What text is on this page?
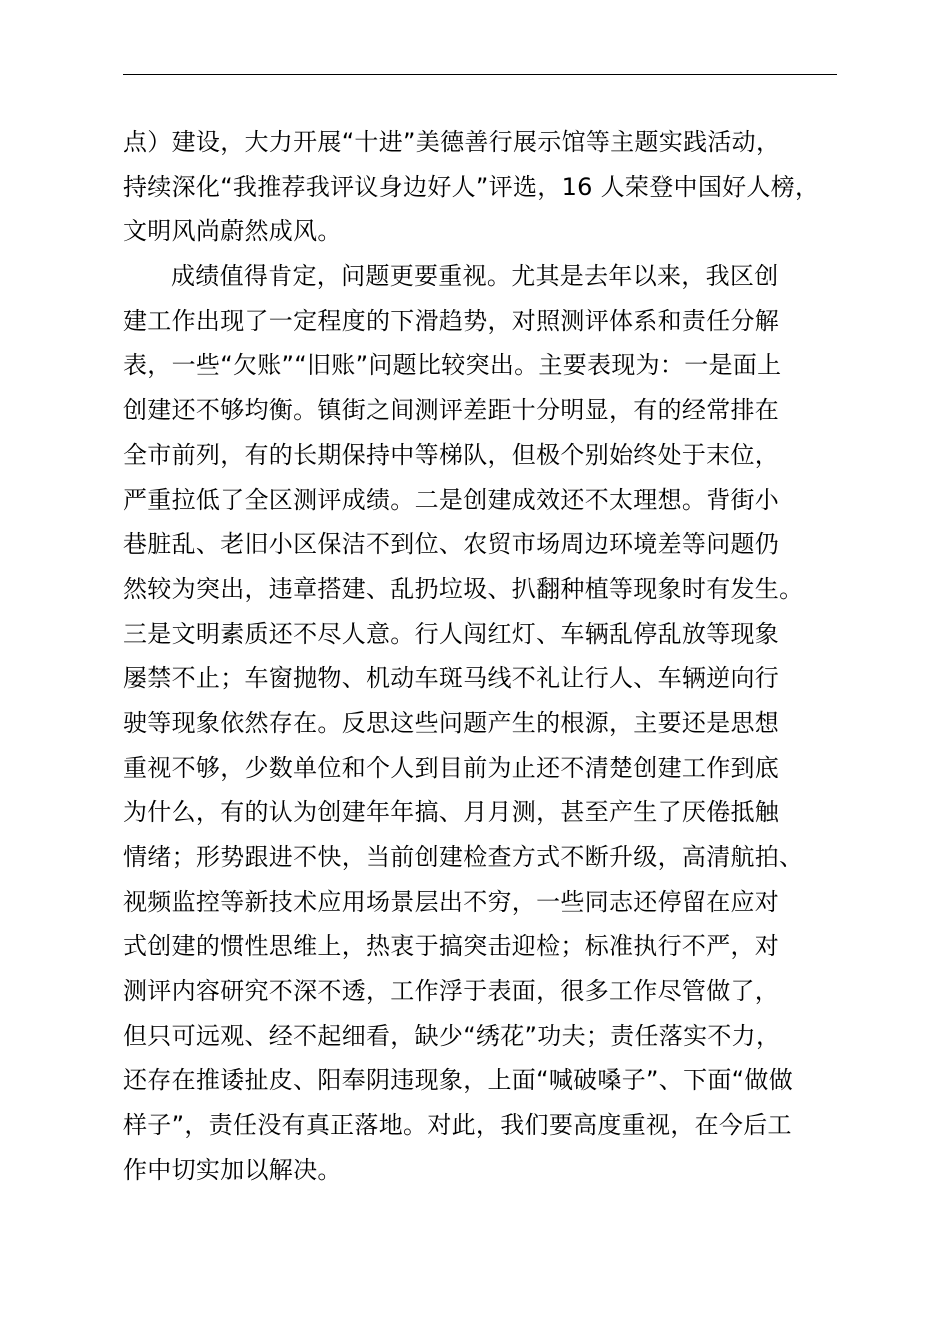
点）建设，大力开展“十进”美德善行展示馆等主题实践活动，
持续深化“我推荐我评议身边好人”评选，16 人荣登中国好人榜，
文明风尚蔚然成风。
成绩值得肯定，问题更要重视。尤其是去年以来，我区创
建工作出现了一定程度的下滑趋势，对照测评体系和责任分解
表，一些“欠账”“旧账”问题比较突出。主要表现为：一是面上
创建还不够均衡。镇街之间测评差距十分明显，有的经常排在
全市前列，有的长期保持中等梯队，但极个别始终处于末位，
严重拉低了全区测评成绩。二是创建成效还不太理想。背街小
巷脏乱、老旧小区保洁不到位、农贸市场周边环境差等问题仍
然较为突出，违章搭建、乱扔垃圾、扒翻种植等现象时有发生。
三是文明素质还不尽人意。行人闯红灯、车辆乱停乱放等现象
屡禁不止；车窗抛物、机动车斑马线不礼让行人、车辆逆向行
驶等现象依然存在。反思这些问题产生的根源，主要还是思想
重视不够，少数单位和个人到目前为止还不清楚创建工作到底
为什么，有的认为创建年年搞、月月测，甚至产生了厌倦抵触
情绪；形势跟进不快，当前创建检查方式不断升级，高清航拍、
视频监控等新技术应用场景层出不穷，一些同志还停留在应对
式创建的惯性思维上，热衷于搞突击迎检；标准执行不严，对
测评内容研究不深不透，工作浮于表面，很多工作尽管做了，
但只可远观、经不起细看，缺少“绣花”功夫；责任落实不力，
还存在推诿扯皮、阳奉阴违现象，上面“喊破嗓子”、下面“做做
样子”，责任没有真正落地。对此，我们要高度重视，在今后工
作中切实加以解决。
